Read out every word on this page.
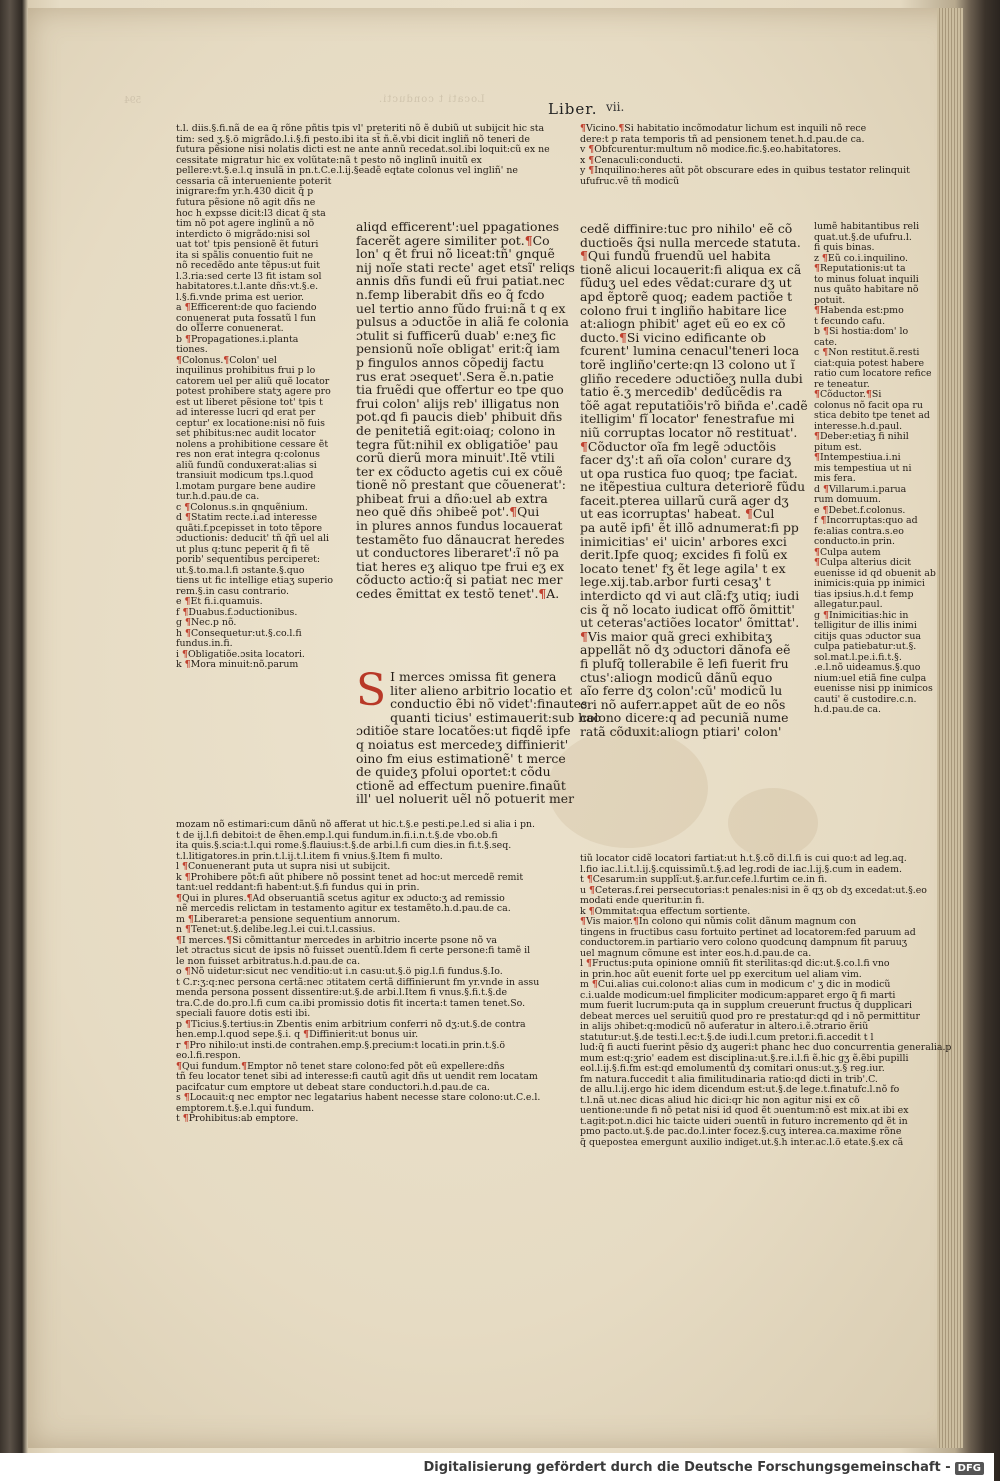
Locati t conducti.
594	Liber. vii.
t.l. diis.§.fi.nã de ea q̃ rõne pñtis tpis vl' preteriti nõ ẽ dubiũ ut subijcit hic sta
tim: sed ʒ.§.ö migrãdo.l.i.§.fi pesto.ibi ita st̃ ñ.ẽ.vbi dicit ingliñ nõ teneri de
futura pẽsione nisi nolatis dicti est ne ante annũ recedat.sol.ibi loquit:cũ ex ne
cessitate migratur hic ex volũtate:nã t pesto nõ inglinũ inuitũ ex
pellere:vt.§.e.l.q insulã in pn.t.C.e.l.ij.§eadẽ eqtate colonus vel ingliñ' ne
cessaria cã interueniente poterit
inigrare:fm yr.h.430 dicit q̃ p
futura pẽsione nõ agit dñs ne
hoc h expsse dicit:l3 dicat q̃ sta
tim nõ pot agere inglinũ a nõ
interdicto ö migrãdo:nisi sol
uat tot' tpis pensionẽ ẽt futuri
ita si spãlis conuentio fuit ne
nõ recedẽdo ante tẽpus:ut fuit
l.3.ria:sed certe l3 fit istam sol
habitatores.t.l.ante dñs:vt.§.e.
l.§.fi.vnde prima est uerior.
a ¶Efficerent:de quo faciendo
conuenerat puta fossatũ l fun
do oÏÏerre conuenerat.
b ¶Propagationes.i.planta
tiones.
¶Colonus.¶Colon' uel
inquilinus prohibitus frui p lo
catorem uel per aliũ quẽ locator
potest prohibere statʒ agere pro
est ut liberet pẽsione tot' tpis t
ad interesse lucri qd erat per
ceptur' ex locatione:nisi nõ fuis
set phibitus:nec audit locator
nolens a prohibitione cessare ẽt
res non erat integra q:colonus
aliũ fundũ conduxerat:alias si
transiuit modicum tps.l.quod
l.motam purgare bene audire
tur.h.d.pau.de ca.
c ¶Colonus.s.in qnquẽnium.
d ¶Statim recte.i.ad interesse
quãti.f.pcepisset in toto tẽpore
ɔductionis: deducit' tñ q̃ñ uel ali
ut plus q:tunc peperit q̃ fi tẽ
porib' sequentibus perciperet:
ut.§.to.ma.l.fi ɔstante.§.quo
tiens ut fic intellige etiaʒ superio
rem.§.in casu contrario.
e ¶Et fi.i.quamuis.
f ¶Duabus.f.ɔductionibus.
g ¶Nec.p nõ.
h ¶Consequetur:ut.§.co.l.fi
fundus.in.fi.
i ¶Obligatiõe.ɔsita locatori.
k ¶Mora minuit:nõ.parum
aliqd efficerent':uel ppagationes
facerẽt agere similiter pot.¶Co
lon' q ẽt frui nõ liceat:tñ' gnquẽ
nij noĩe stati recte' aget etsĩ' reliqs
annis dñs fundi eũ frui patiat.nec
n.femp liberabit dñs eo q̃ fcdo
uel tertio anno fũdo frui:nã t q ex
pulsus a ɔductõe in aliã fe colonia
ɔtulit si fufficerũ duab' e:neʒ fic
pensionũ noĩe obligat' erit:q̃ iam
p fingulos annos cõpedij factu
rus erat ɔsequet'.Sera ẽ.n.patie
tia fruẽdi que offertur eo tpe quo
frui colon' alijs reb' illigatus non
pot.qd fi paucis dieb' phibuit dñs
de penitetiã egit:oiaq; colono in
tegra fũt:nihil ex obligatiõe' pau
corũ dierũ mora minuit'.Itẽ vtili
ter ex cõducto agetis cui ex cõuẽ
tionẽ nõ prestant que cõuenerat':
phibeat frui a dño:uel ab extra
neo quẽ dñs ɔhibeẽ pot'.¶Qui
in plures annos fundus locauerat
testamẽto fuo dãnaucrat heredes
ut conductores liberaret':ĩ nõ pa
tiat heres eʒ aliquo tpe frui eʒ ex
cõducto actio:q̃ si patiat nec mer
cedes ẽmittat ex testõ tenet'.¶A.
S I merces ɔmissa fit genera
liter alieno arbitrio locatio et
conductio ẽbi nõ videt':finautes
quanti ticius' estimauerit:sub hac
ɔditiõe stare locatões:ut fiqdẽ ipfe
q noiatus est mercedeʒ diffinierit'
oino fm eius estimationẽ' t merce
de quideʒ pfolui oportet:t cõdu
ctionẽ ad effectum puenire.finaũt
ill' uel noluerit uẽl nõ potuerit mer
cedẽ diffinire:tuc pro nihilo' eẽ cõ
ductioẽs q̃si nulla mercede statuta.
¶Qui fundũ fruendũ uel habita
tionẽ alicui locauerit:fi aliqua ex cã
fũduʒ uel edes vẽdat:curare dʒ ut
apd ẽptorẽ quoq; eadem pactiõe t
colono frui t ingliño habitare lice
at:aliogn phibit' aget eũ eo ex cõ
ducto.¶Si vicino edificante ob
fcurent' lumina cenacul'teneri loca
torẽ ingliño'certe:qn l3 colono ut ĩ
gliño recedere ɔductiõeʒ nulla dubi
tatio ẽ.ʒ mercedib' dedũcẽdis ra
tõẽ agat reputatiõis'rõ biñda e'.cadẽ
itelligim' fĩ locator' fenestrafue mi
niũ corruptas locator nõ restituat'.
¶Cõductor oĩa fm legẽ ɔductõis
facer dʒ':t añ oĩa colon' curare dʒ
ut opa rustica fuo quoq; tpe faciat.
ne itẽpestiua cultura deteriorẽ fũdu
faceit.pterea uillarũ curã ager dʒ
ut eas icorruptas' habeat. ¶Cul
pa autẽ ipfi' ẽt illõ adnumerat:fi pp
inimicitias' ei' uicin' arbores exci
derit.Ipfe quoq; excides fi folũ ex
locato tenet' fʒ ẽt lege agila' t ex
lege.xij.tab.arbor furti cesaʒ' t
interdicto qd vi aut clã:fʒ utiq; iudi
cis q̃ nõ locato iudicat offõ õmittit'
ut ceteras'actiões locator' õmittat'.
¶Vis maior quã greci exhibitaʒ
appellãt nõ dʒ ɔductori dãnofa eẽ
fi plufq̃ tollerabile ẽ lefi fuerit fru
ctus':aliogn modicũ dãnũ equo
aĩo ferre dʒ colon':cũ' modicũ lu
cri nõ auferr.appet aũt de eo nõs
colono dicere:q ad pecuniã nume
ratã cõduxit:aliogn ptiari' colon'
¶Vicino.¶Si habitatio incõmodatur lichum est inquili nõ rece
dere:t p rata temporis tñ ad pensionem tenet.h.d.pau.de ca.
v ¶Obfcurentur:multum nõ modice.fic.§.eo.habitatores.
x ¶Cenaculi:conducti.
y ¶Inquilino:heres aũt põt obscurare edes in quibus testator relinquit
ufufruc.vẽ tñ modicũ
lumẽ habitantibus reli
quat.ut.§.de ufufru.l.
fi quis binas.
z ¶Eũ co.i.inquilino.
¶Reputationis:ut ta
to minus foluat inquili
nus quãto habitare nõ
potuit.
¶Habenda est:pmo
t fecundo cafu.
b ¶Si hostia:dom' lo
cate.
c ¶Non restitut.ẽ.resti
ciat:quia potest habere
ratio cum locatore refice
re teneatur.
¶Cõductor.¶Si
colonus nõ facit opa ru
stica debito tpe tenet ad
interesse.h.d.paul.
¶Deber:etiaʒ fi nihil
pitum est.
¶Intempestiua.i.ni
mis tempestiua ut ni
mis fera.
d ¶Villarum.i.parua
rum domuum.
e ¶Debet.f.colonus.
f ¶Incorruptas:quo ad
fe:alias contra.s.eo
conducto.in prin.
¶Culpa autem
¶Culpa alterius dicit
euenisse id qd obuenit ab
inimicis:quia pp inimici
tias ipsius.h.d.t femp
allegatur.paul.
g ¶Inimicitias:hic in
telligitur de illis inimi
citijs quas ɔductor sua
culpa patiebatur:ut.§.
sol.mat.l.pe.i.fi.t.§.
.e.l.nõ uideamus.§.quo
nium:uel etiã fine culpa
euenisse nisi pp inimicos
cauti' ẽ custodire.c.n.
h.d.pau.de ca.
mozam nõ estimari:cum dãnũ nõ afferat ut hic.t.§.e pesti.pe.l.ed si alia i pn.
t de ij.l.fi debitoi:t de ẽhen.emp.l.qui fundum.in.fi.i.n.t.§.de vbo.ob.fi
ita quis.§.scia:t.l.qui rome.§.flauius:t.§.de arbi.l.fi cum dies.in fi.t.§.seq.
t.l.litigatores.in prin.t.l.ij.t.l.item fi vnius.§.Item fi multo.
l ¶Conuenerant puta ut supra nisi ut subijcit.
k ¶Prohibere põt:fi aũt phibere nõ possint tenet ad hoc:ut mercedẽ remit
tant:uel reddant:fi habent:ut.§.fi fundus qui in prin.
¶Qui in plures.¶Ad obseruantiã scetus agitur ex ɔducto:ʒ ad remissio
nẽ mercedis relictam in testamento agitur ex testamẽto.h.d.pau.de ca.
m ¶Liberaret:a pensione sequentium annorum.
n ¶Tenet:ut.§.delibe.leg.l.ei cui.t.l.cassius.
¶I merces.¶Si cõmittantur mercedes in arbitrio incerte psone nõ va
let ɔtractus sicut de ipsis nõ fuisset ɔuentũ.Idem fi certe persone:fi tamẽ il
le non fuisset arbitratus.h.d.pau.de ca.
o ¶Nõ uidetur:sicut nec venditio:ut i.n casu:ut.§.ö pig.l.fi fundus.§.Io.
t C.r:ʒ:q:nec persona certã:nec ɔtitatem certã diffinierunt fm yr.vnde in assu
menda persona possent dissentire:ut.§.de arbi.l.Item fi vnus.§.fi.t.§.de
tra.C.de do.pro.l.fi cum ca.ibi promissio dotis fit incerta:t tamen tenet.So.
speciali fauore dotis esti ibi.
p ¶Ticius.§.tertius:in Zbentis enim arbitrium conferri nõ dʒ:ut.§.de contra
hen.emp.l.quod sepe.§.i. q ¶Diffinierit:ut bonus uir.
r ¶Pro nihilo:ut insti.de contrahen.emp.§.precium:t locati.in prin.t.§.ö
eo.l.fi.respon.
¶Qui fundum.¶Emptor nõ tenet stare colono:fed põt eũ expellere:dñs
tñ feu locator tenet sibi ad interesse:fi cautũ agit dñs ut uendit rem locatam
pacifcatur cum emptore ut debeat stare conductori.h.d.pau.de ca.
s ¶Locauit:q nec emptor nec legatarius habent necesse stare colono:ut.C.e.l.
emptorem.t.§.e.l.qui fundum.
t ¶Prohibitus:ab emptore.
tiũ locator cidẽ locatori fartiat:ut h.t.§.cõ di.l.fi is cui quo:t ad leg.aq.
l.fio iac.l.i.t.l.ij.§.cquissimũ.t.§.ad leg.rodi de iac.l.ij.§.cum in eadem.
t ¶Cesarum:in supplĩ:ut.§.ar.fur.cefe.l.furtim ce.in fi.
u ¶Ceteras.f.rei persecutorias:t penales:nisi in ẽ qʒ ob dʒ excedat:ut.§.eo
modati ende queritur.in fi.
k ¶Ommitat:qua effectum sortiente.
¶Vis maior.¶In colono qui nũmis colit dãnum magnum con
tingens in fructibus casu fortuito pertinet ad locatorem:fed paruum ad
conductorem.in partiario vero colono quodcunq dampnum fit paruuʒ
uel magnum cõmune est inter eos.h.d.pau.de ca.
l ¶Fructus:puta opinione omniũ fit sterilitas:qd dic:ut.§.co.l.fi vno
in prin.hoc aũt euenit forte uel pp exercitum uel aliam vim.
m ¶Cui.alias cui.colono:t alias cum in modicum c' ʒ dic in modicũ
c.i.ualde modicum:uel fimpliciter modicum:apparet ergo q̃ fi marti
mum fuerit lucrum:puta qa in supplum creuerunt fructus q̃ dupplicari
debeat merces uel seruitiũ quod pro re prestatur:qd qd i nõ permittitur
in alijs ɔhibet:q:modicũ nõ auferatur in altero.i.ẽ.ɔtrario ẽriũ
statutur:ut.§.de testi.l.ec:t.§.de iudi.l.cum pretor.i.fi.accedit t l
lud:q̃ fi aucti fuerint pẽsio dʒ augeri:t phanc hec duo concurrentia generalia.p
mum est:q:ʒrio' eadem est disciplina:ut.§.re.i.l.fi ẽ.hic gʒ ẽ.ẽbi pupilli
eol.l.ij.§.fi.fm est:qd emolumentũ dʒ comitari onus:ut.ʒ.§ reg.iur.
fm natura.fuccedit t alia fimilitudinaria ratio:qd dicti in trib'.C.
de allu.l.ij.ergo hic idem dicendum est:ut.§.de lege.t.finatufc.l.nõ fo
t.l.nã ut.nec dicas aliud hic dici:qr hic non agitur nisi ex cõ
uentione:unde fi nõ petat nisi id quod ẽt ɔuentum:nõ est mix.at ibi ex
t.agit:pot.n.dici hic taicte uideri ɔuentũ in futuro incremento qd ẽt in
pmo pacto.ut.§.de pac.do.l.inter focez.§.cuʒ interea.ca.maxime rõne
q̃ quepostea emergunt auxilio indiget.ut.§.h inter.ac.l.ö etate.§.ex cã
Digitalisierung gefördert durch die Deutsche Forschungsgemeinschaft - DFG
